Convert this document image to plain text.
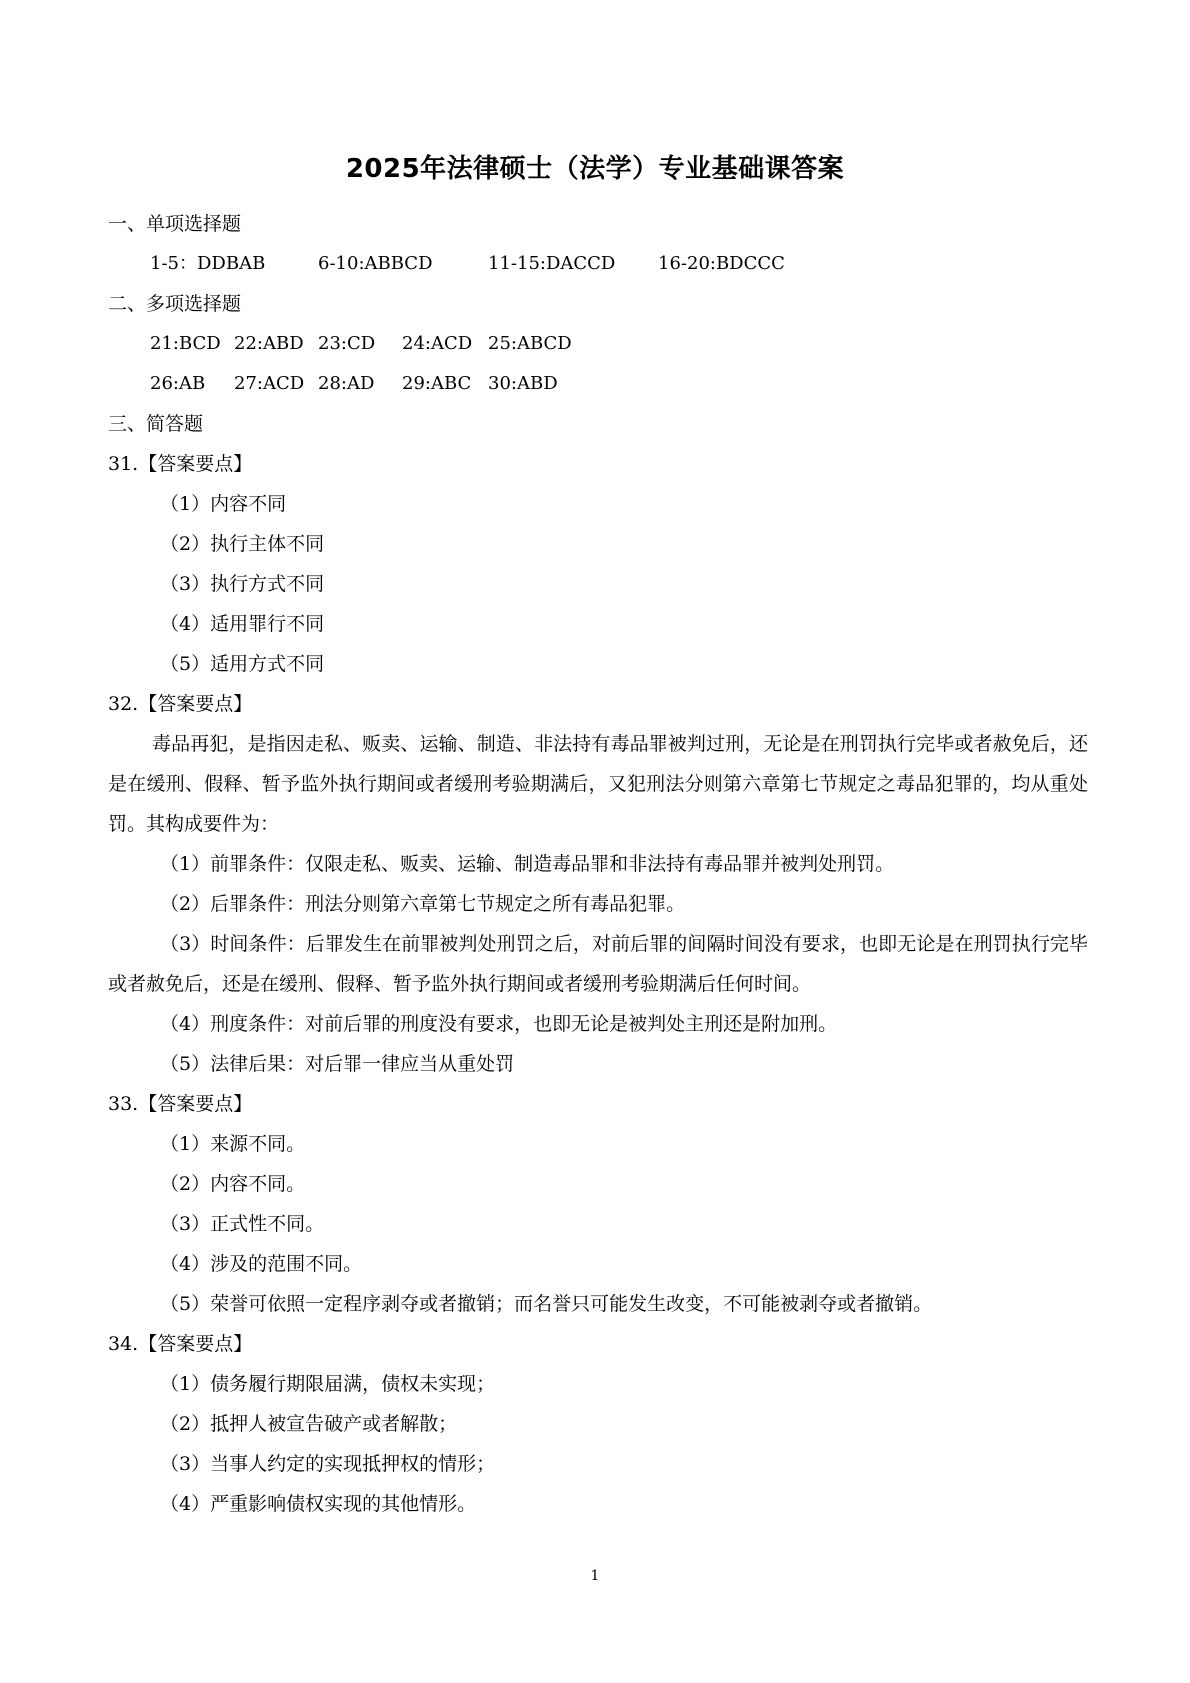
2025年法律硕士（法学）专业基础课答案
一、单项选择题
1-5：DDBAB	6-10:ABBCD	11-15:DACCD 16-20:BDCCC
二、多项选择题
21:BCD 22:ABD 23:CD 24:ACD 25:ABCD
26:AB 27:ACD 28:AD 29:ABC 30:ABD
三、简答题
31.【答案要点】
（1）内容不同
（2）执行主体不同
（3）执行方式不同
（4）适用罪行不同
（5）适用方式不同
32.【答案要点】
毒品再犯，是指因走私、贩卖、运输、制造、非法持有毒品罪被判过刑，无论是在刑罚执行完毕或者赦免后，还是在缓刑、假释、暂予监外执行期间或者缓刑考验期满后，又犯刑法分则第六章第七节规定之毒品犯罪的，均从重处罚。其构成要件为：
（1）前罪条件：仅限走私、贩卖、运输、制造毒品罪和非法持有毒品罪并被判处刑罚。
（2）后罪条件：刑法分则第六章第七节规定之所有毒品犯罪。
（3）时间条件：后罪发生在前罪被判处刑罚之后，对前后罪的间隔时间没有要求，也即无论是在刑罚执行完毕或者赦免后，还是在缓刑、假释、暂予监外执行期间或者缓刑考验期满后任何时间。
（4）刑度条件：对前后罪的刑度没有要求，也即无论是被判处主刑还是附加刑。
（5）法律后果：对后罪一律应当从重处罚
33.【答案要点】
（1）来源不同。
（2）内容不同。
（3）正式性不同。
（4）涉及的范围不同。
（5）荣誉可依照一定程序剥夺或者撤销；而名誉只可能发生改变，不可能被剥夺或者撤销。
34.【答案要点】
（1）债务履行期限届满，债权未实现；
（2）抵押人被宣告破产或者解散；
（3）当事人约定的实现抵押权的情形；
（4）严重影响债权实现的其他情形。
1
